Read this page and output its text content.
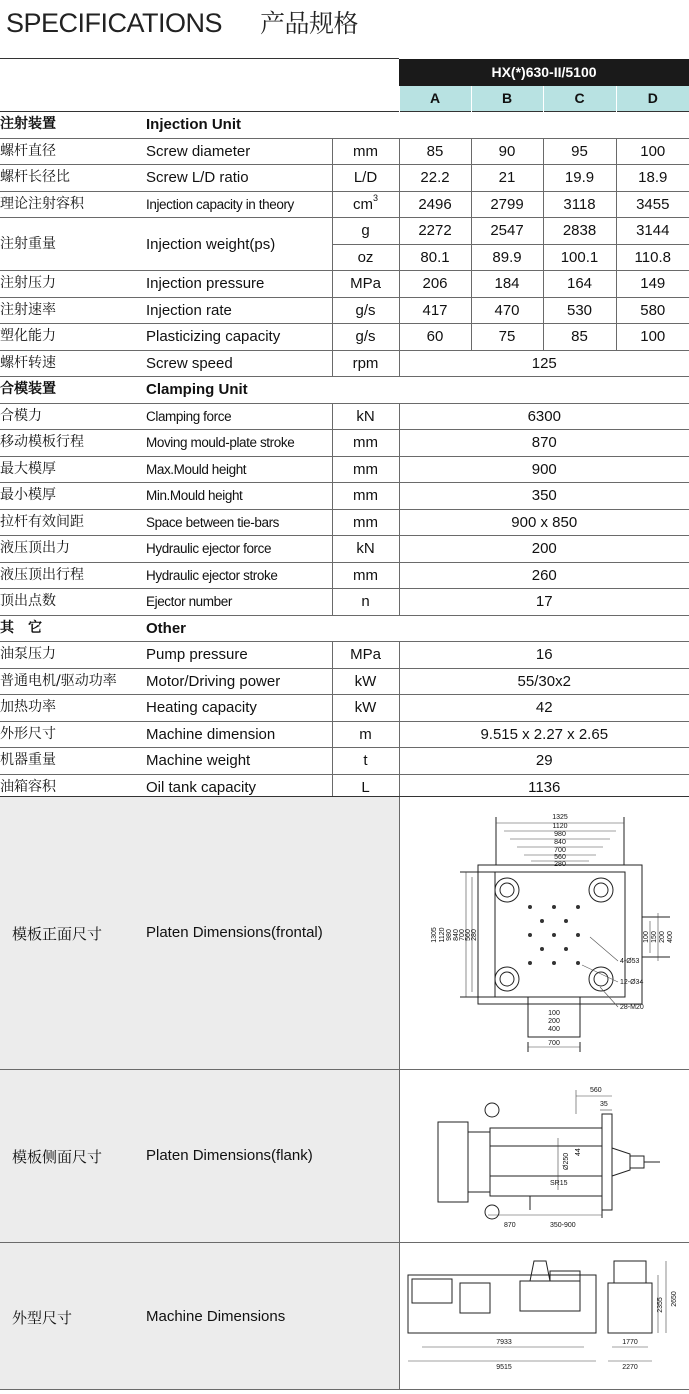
SPECIFICATIONS 产品规格
			HX(*)630-II/5100			
			A	B	C	D
注射装置	Injection Unit					
螺杆直径	Screw diameter	mm	85	90	95	100
螺杆长径比	Screw L/D ratio	L/D	22.2	21	19.9	18.9
理论注射容积	Injection capacity in theory	$cm^3$	2496	2799	3118	3455
注射重量	Injection weight(ps)	g	2272	2547	2838	3144
		oz	80.1	89.9	100.1	110.8
注射压力	Injection pressure	MPa	206	184	164	149
注射速率	Injection rate	g/s	417	470	530	580
塑化能力	Plasticizing capacity	g/s	60	75	85	100
螺杆转速	Screw speed	rpm	125			
合模装置	Clamping Unit					
合模力	Clamping force	kN	6300			
移动模板行程	Moving mould-plate stroke	mm	870			
最大模厚	Max.Mould height	mm	900			
最小模厚	Min.Mould height	mm	350			
拉杆有效间距	Space between tie-bars	mm	900 x 850			
液压顶出力	Hydraulic ejector force	kN	200			
液压顶出行程	Hydraulic ejector stroke	mm	260			
顶出点数	Ejector number	n	17			
其　它	Other					
油泵压力	Pump pressure	MPa	16			
普通电机/驱动功率	Motor/Driving power	kW	55/30x2			
加热功率	Heating capacity	kW	42			
外形尺寸	Machine dimension	m	9.515 x 2.27 x 2.65			
机器重量	Machine weight	t	29			
油箱容积	Oil tank capacity	L	1136			
模板正面尺寸	Platen Dimensions(frontal)
1325
1120
980
840
700
560
280
100
200
400
700
1305 1120 980 840 700 560 280	100 150 200 400
4-Ø53
12-Ø34
28-M20
模板侧面尺寸	Platen Dimensions(flank)
560
35
Ø250
44
SR15
870	350-900
外型尺寸	Machine Dimensions
7933
9515
1770
2270
2355 2650
